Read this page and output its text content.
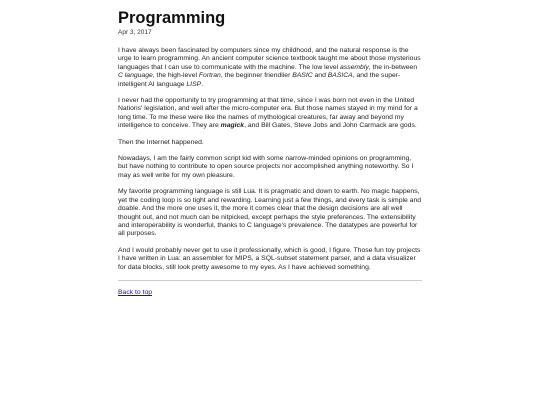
Programming
Apr 3, 2017

I have always been fascinated by computers since my childhood, and the natural response is the urge to learn programming. An ancient computer science textbook taught me about those mysterious languages that I can use to communicate with the machine. The low level assembly, the in-between C language, the high-level Fortran, the beginner friendlier BASIC and BASICA, and the super-intelligent AI language LISP.

I never had the opportunity to try programming at that time, since I was born not even in the United Nations' legislation, and well after the micro-computer era. But those names stayed in my mind for a long time. To me these were like the names of mythological creatures, far away and beyond my intelligence to conceive. They are magick, and Bill Gates, Steve Jobs and John Carmack are gods.

Then the Internet happened.

Nowadays, I am the fairly common script kid with some narrow-minded opinions on programming, but have nothing to contribute to open source projects nor accomplished anything noteworthy. So I may as well write for my own pleasure.

My favorite programming language is still Lua. It is pragmatic and down to earth. No magic happens, yet the coding loop is so tight and rewarding. Learning just a few things, and every task is simple and doable. And the more one uses it, the more it comes clear that the design decisions are all well thought out, and not much can be nitpicked, except perhaps the style preferences. The extensibility and interoperability is wonderful, thanks to C language's prevalence. The datatypes are powerful for all purposes.

And I would probably never get to use it professionally, which is good, I figure. Those fun toy projects I have written in Lua: an assembler for MIPS, a SQL-subset statement parser, and a data visualizer for data blocks, still look pretty awesome to my eyes. As I have achieved something.

Back to top
